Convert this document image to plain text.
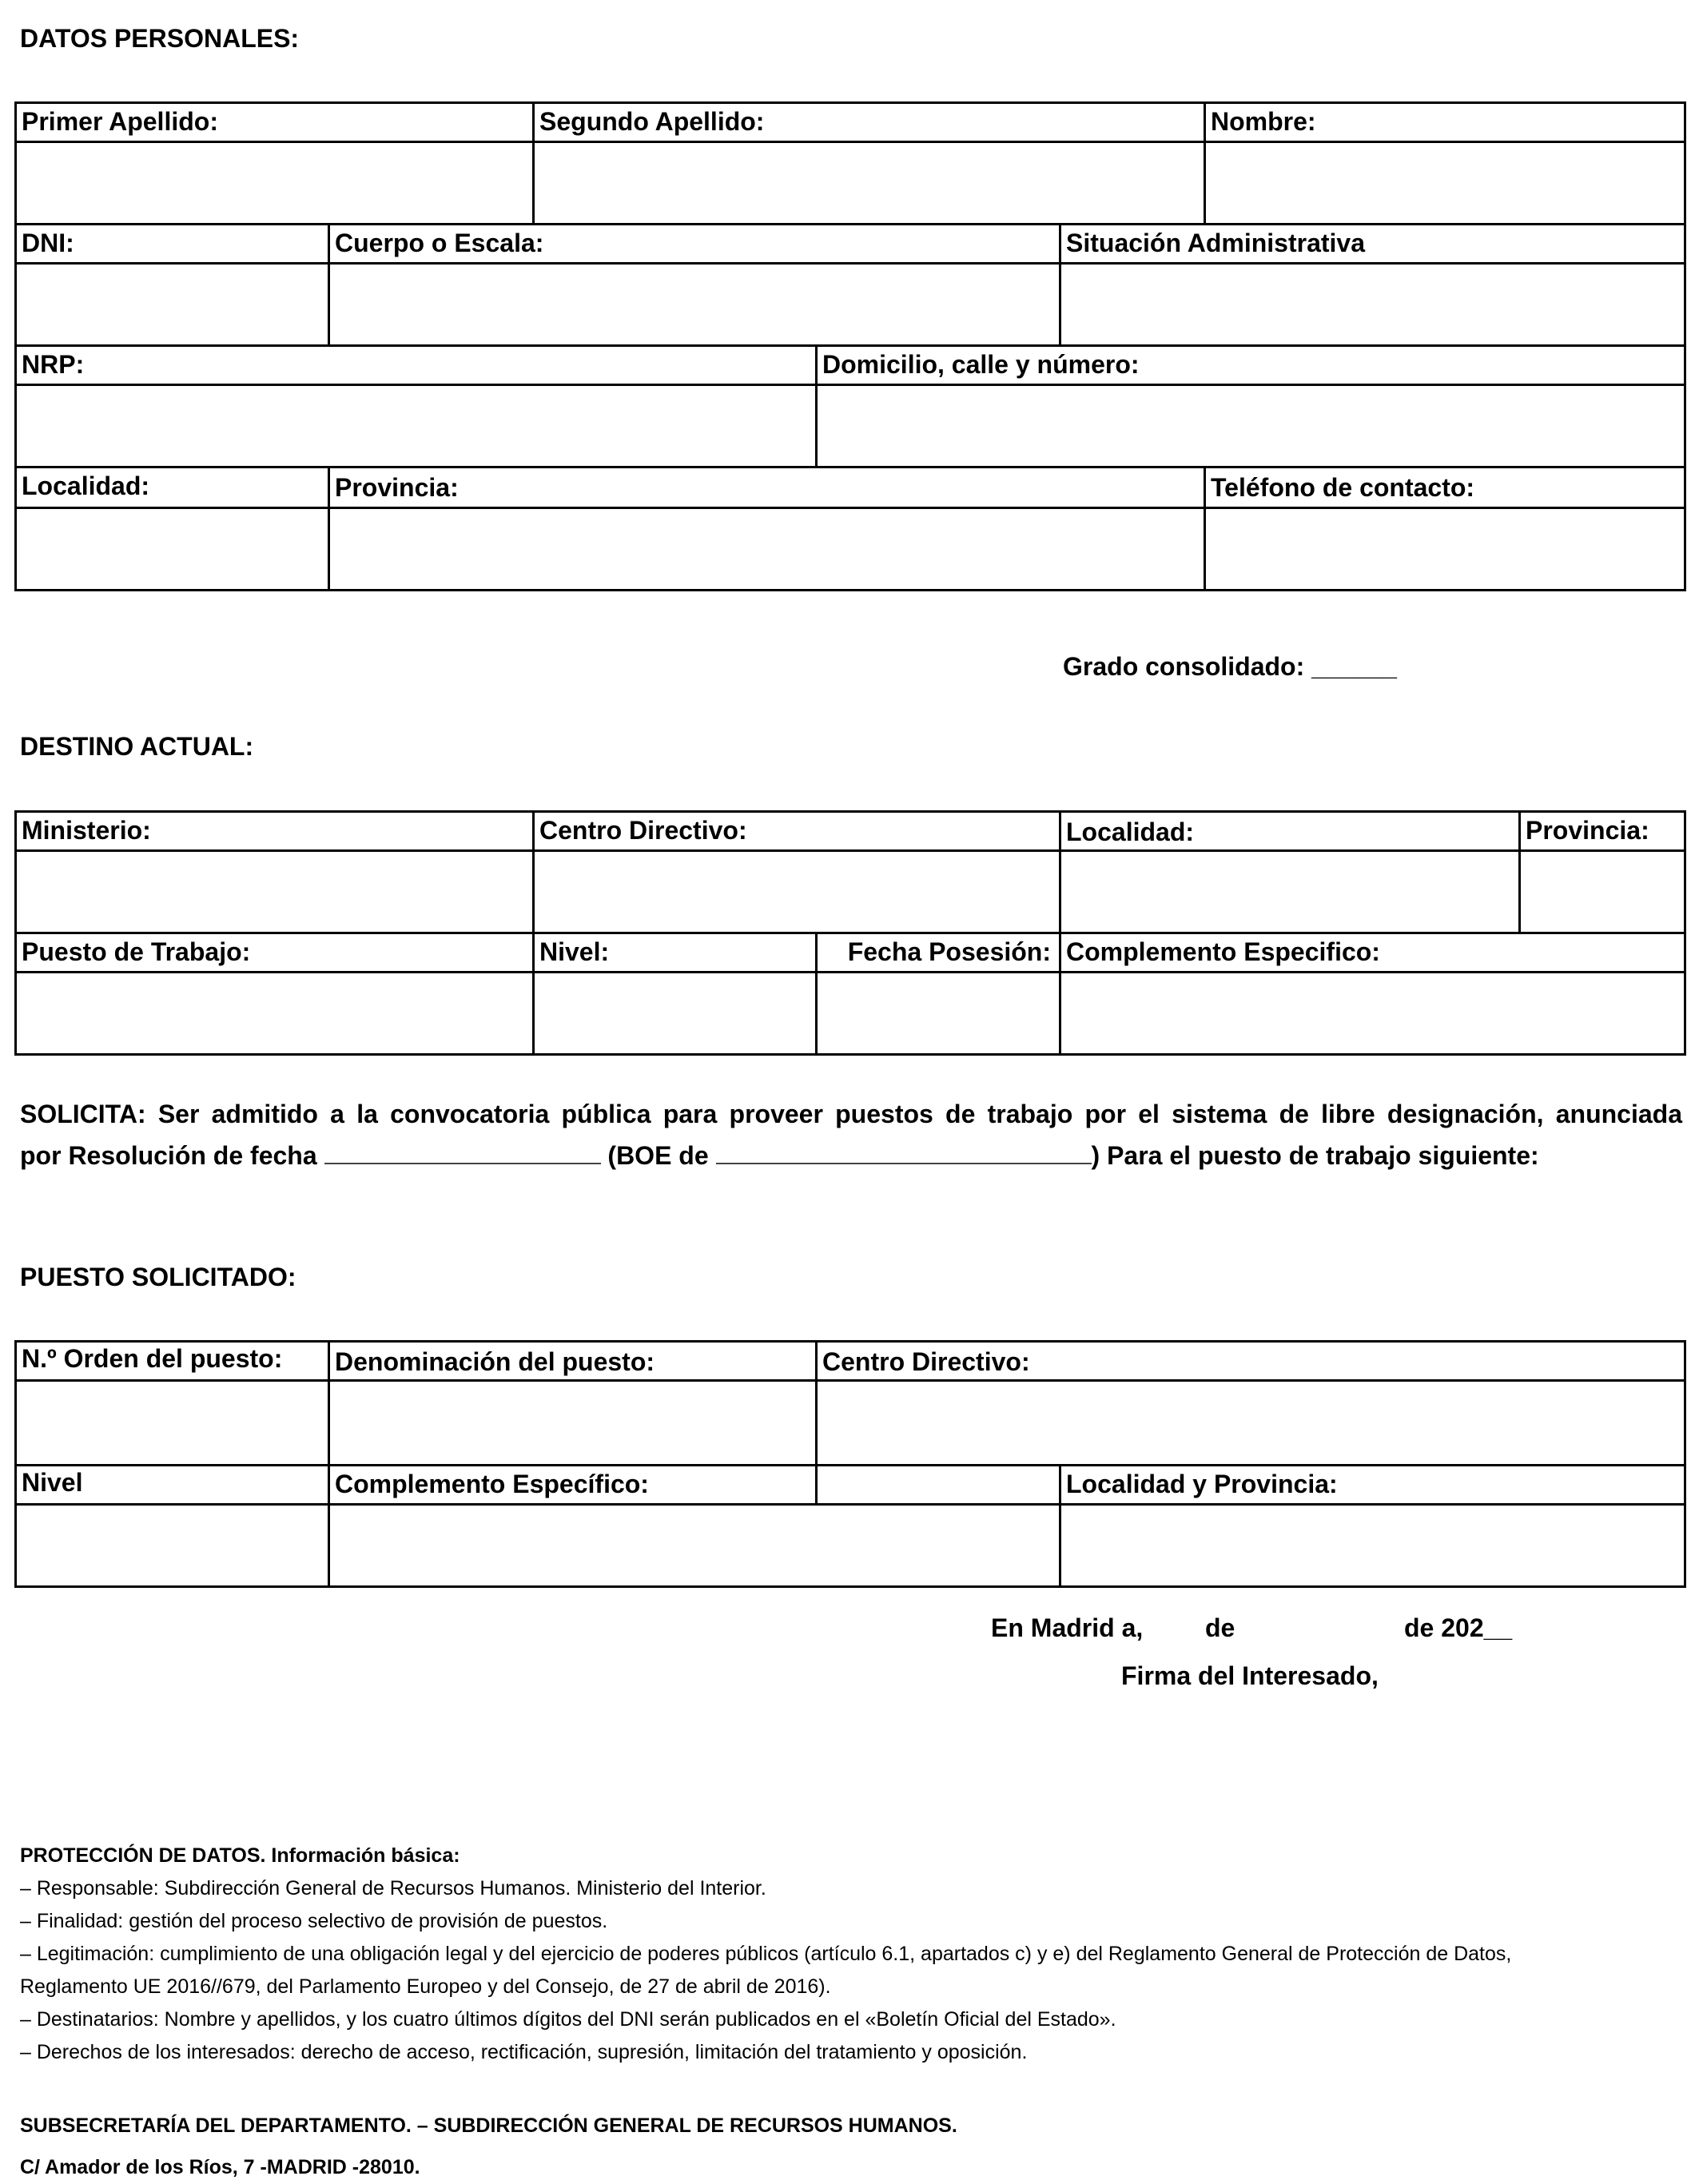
DATOS PERSONALES:
Primer Apellido:	Segundo Apellido:	Nombre:
DNI:	Cuerpo o Escala:	Situación Administrativa
NRP:	Domicilio, calle y número:
Localidad:	Provincia:	Teléfono de contacto:
Grado consolidado: ______
DESTINO ACTUAL:
Ministerio:	Centro Directivo:	Localidad:	Provincia:
Puesto de Trabajo:	Nivel:	Fecha Posesión: Complemento Especifico:
SOLICITA: Ser admitido a la convocatoria pública para proveer puestos de trabajo por el sistema de libre designación, anunciada
por Resolución de fecha	(BOE de	) Para el puesto de trabajo siguiente:
PUESTO SOLICITADO:
N.º Orden del puesto: Denominación del puesto:	Centro Directivo:
Nivel	Complemento Específico:	Localidad y Provincia:
En Madrid a, de	de 202__
Firma del Interesado,
PROTECCIÓN DE DATOS. Información básica:
– Responsable: Subdirección General de Recursos Humanos. Ministerio del Interior.
– Finalidad: gestión del proceso selectivo de provisión de puestos.
– Legitimación: cumplimiento de una obligación legal y del ejercicio de poderes públicos (artículo 6.1, apartados c) y e) del Reglamento General de Protección de Datos,
Reglamento UE 2016//679, del Parlamento Europeo y del Consejo, de 27 de abril de 2016).
– Destinatarios: Nombre y apellidos, y los cuatro últimos dígitos del DNI serán publicados en el «Boletín Oficial del Estado».
– Derechos de los interesados: derecho de acceso, rectificación, supresión, limitación del tratamiento y oposición.
SUBSECRETARÍA DEL DEPARTAMENTO. – SUBDIRECCIÓN GENERAL DE RECURSOS HUMANOS.
C/ Amador de los Ríos, 7 -MADRID -28010.
